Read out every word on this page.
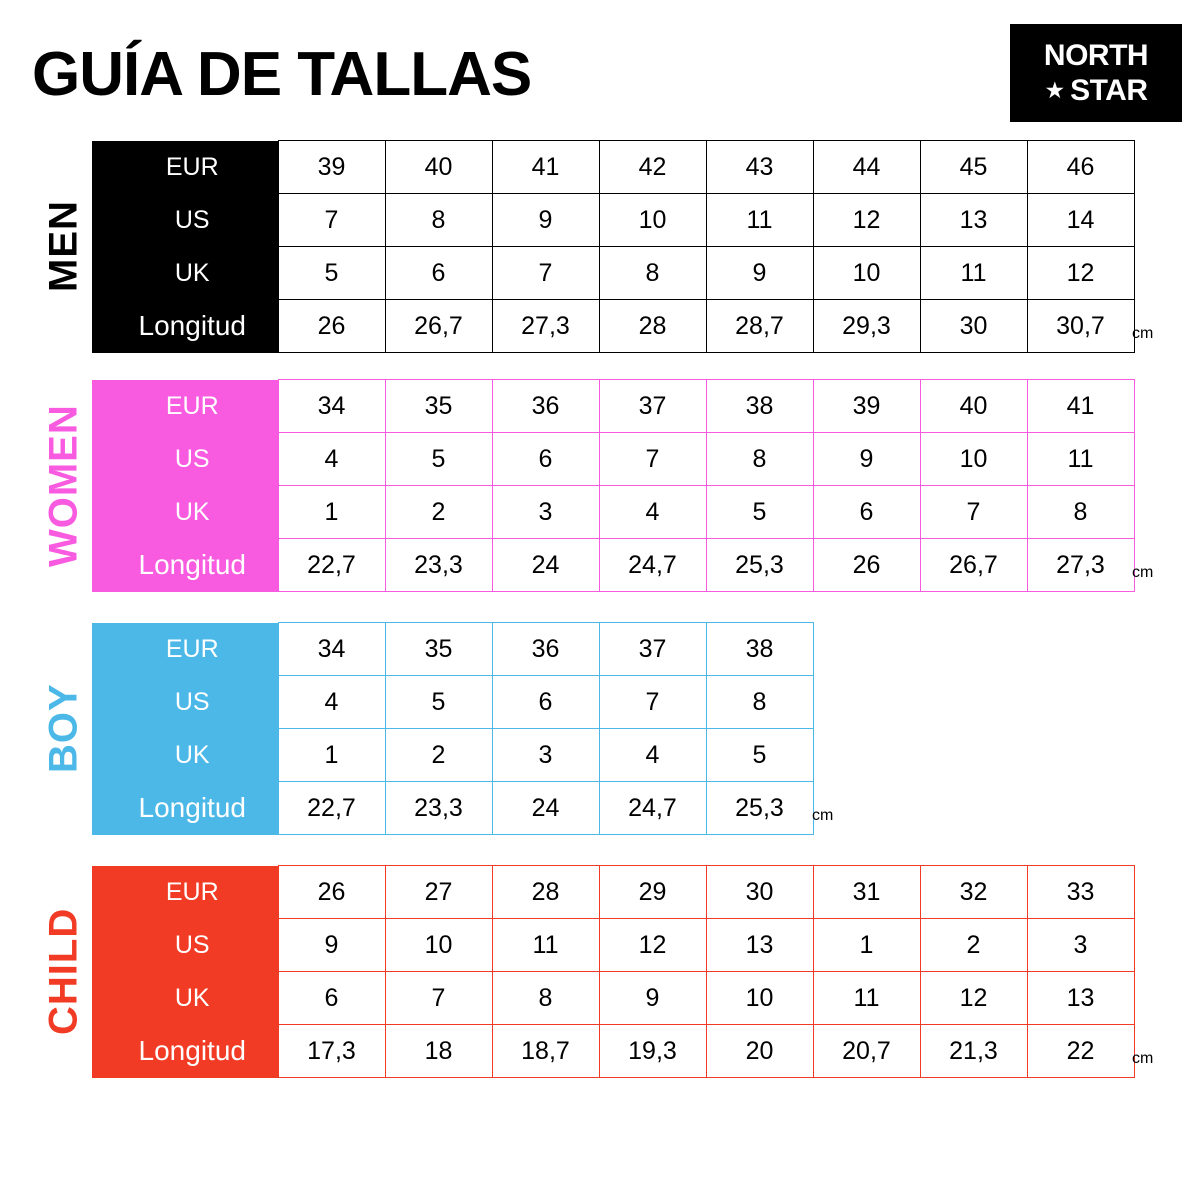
GUÍA DE TALLAS	NORTH
★ STAR
MEN
EUR	39	40	41	42	43	44	45	46
US	7	8	9	10	11	12	13	14
UK	5	6	7	8	9	10	11	12
Longitud	26	26,7	27,3	28	28,7	29,3	30	30,7 cm
WOMEN	EUR	34	35	36	37	38	39	40	41
US	4	5	6	7	8	9	10	11
UK	1	2	3	4	5	6	7	8
Longitud	22,7	23,3	24	24,7	25,3	26	26,7	27,3 cm
BOY
EUR	34	35	36	37	38
US	4	5	6	7	8
UK	1	2	3	4	5
Longitud	22,7	23,3	24	24,7	25,3 cm
CHILD
EUR	26	27	28	29	30	31	32	33
US	9	10	11	12	13	1	2	3
UK	6	7	8	9	10	11	12	13
Longitud	17,3	18	18,7	19,3	20	20,7	21,3	22 cm
